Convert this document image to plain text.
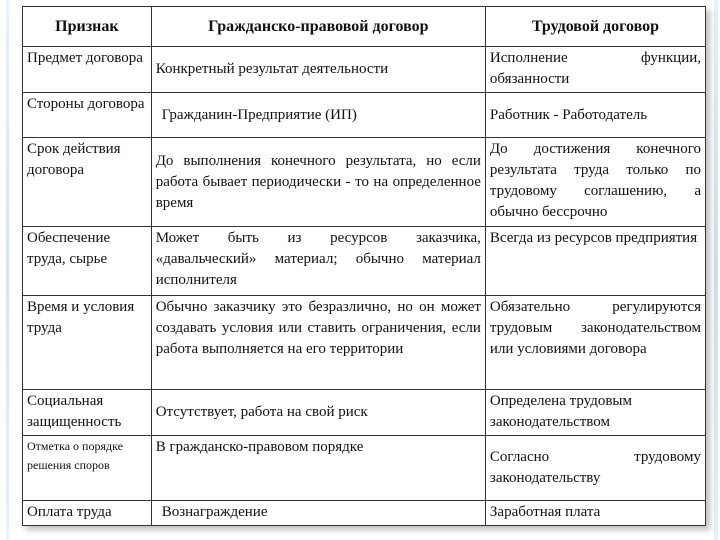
Признак	Гражданско-правовой договор	Трудовой договор
Предмет договора	Конкретный результат деятельности	Исполнение функции, обязанности
Стороны договора	Гражданин-Предприятие (ИП)	Работник - Работодатель
Срок действия договора	До выполнения конечного результата, но если работа бывает периодически - то на определенное время	До достижения конечного результата труда только по трудовому соглашению, а обычно бессрочно
Обеспечение труда, сырье	Может быть из ресурсов заказчика, «давальческий» материал; обычно материал исполнителя	Всегда из ресурсов предприятия
Время и условия труда	Обычно заказчику это безразлично, но он может создавать условия или ставить ограничения, если работа выполняется на его территории	Обязательно регулируются трудовым законодательством или условиями договора
Социальная защищенность	Отсутствует, работа на свой риск	Определена трудовым законодательством
Отметка о порядке решения споров	В гражданско-правовом порядке	Согласно трудовому законодательству
Оплата труда	Вознаграждение	Заработная плата
